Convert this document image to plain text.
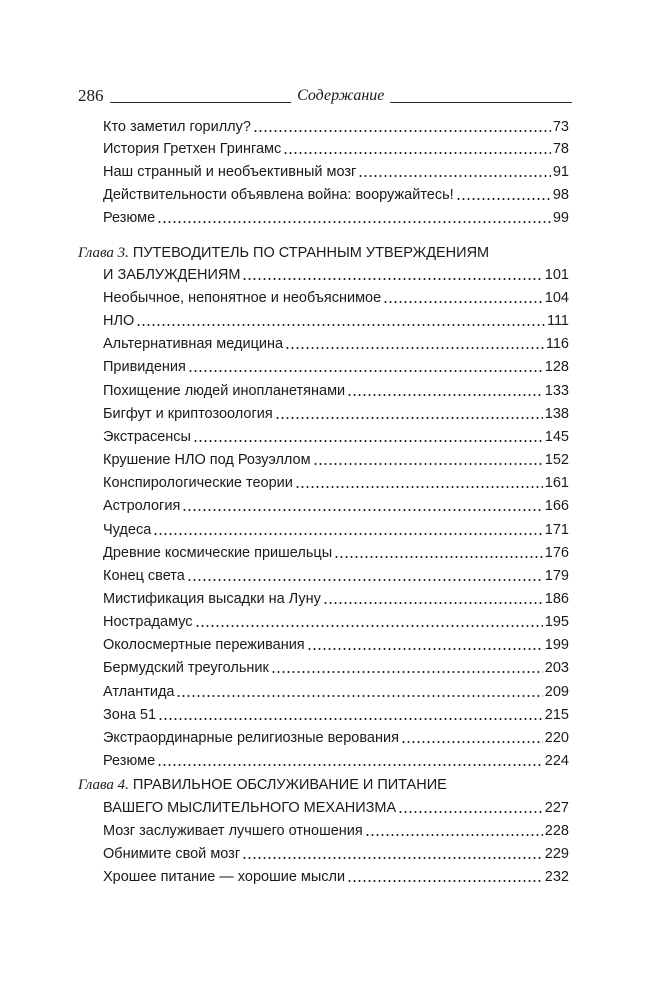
286	Содержание
Кто заметил гориллу?	73
История Гретхен Грингамс	78
Наш странный и необъективный мозг	91
Действительности объявлена война: вооружайтесь!	98
Резюме	99
Глава 3. ПУТЕВОДИТЕЛЬ ПО СТРАННЫМ УТВЕРЖДЕНИЯМ
И ЗАБЛУЖДЕНИЯМ	101
Необычное, непонятное и необъяснимое	104
НЛО	111
Альтернативная медицина	116
Привидения	128
Похищение людей инопланетянами	133
Бигфут и криптозоология	138
Экстрасенсы	145
Крушение НЛО под Розуэллом	152
Конспирологические теории	161
Астрология	166
Чудеса	171
Древние космические пришельцы	176
Конец света	179
Мистификация высадки на Луну	186
Нострадамус	195
Околосмертные переживания	199
Бермудский треугольник	203
Атлантида	209
Зона 51	215
Экстраординарные религиозные верования	220
Резюме	224
Глава 4. ПРАВИЛЬНОЕ ОБСЛУЖИВАНИЕ И ПИТАНИЕ
ВАШЕГО МЫСЛИТЕЛЬНОГО МЕХАНИЗМА	227
Мозг заслуживает лучшего отношения	228
Обнимите свой мозг	229
Хрошее питание — хорошие мысли	232
